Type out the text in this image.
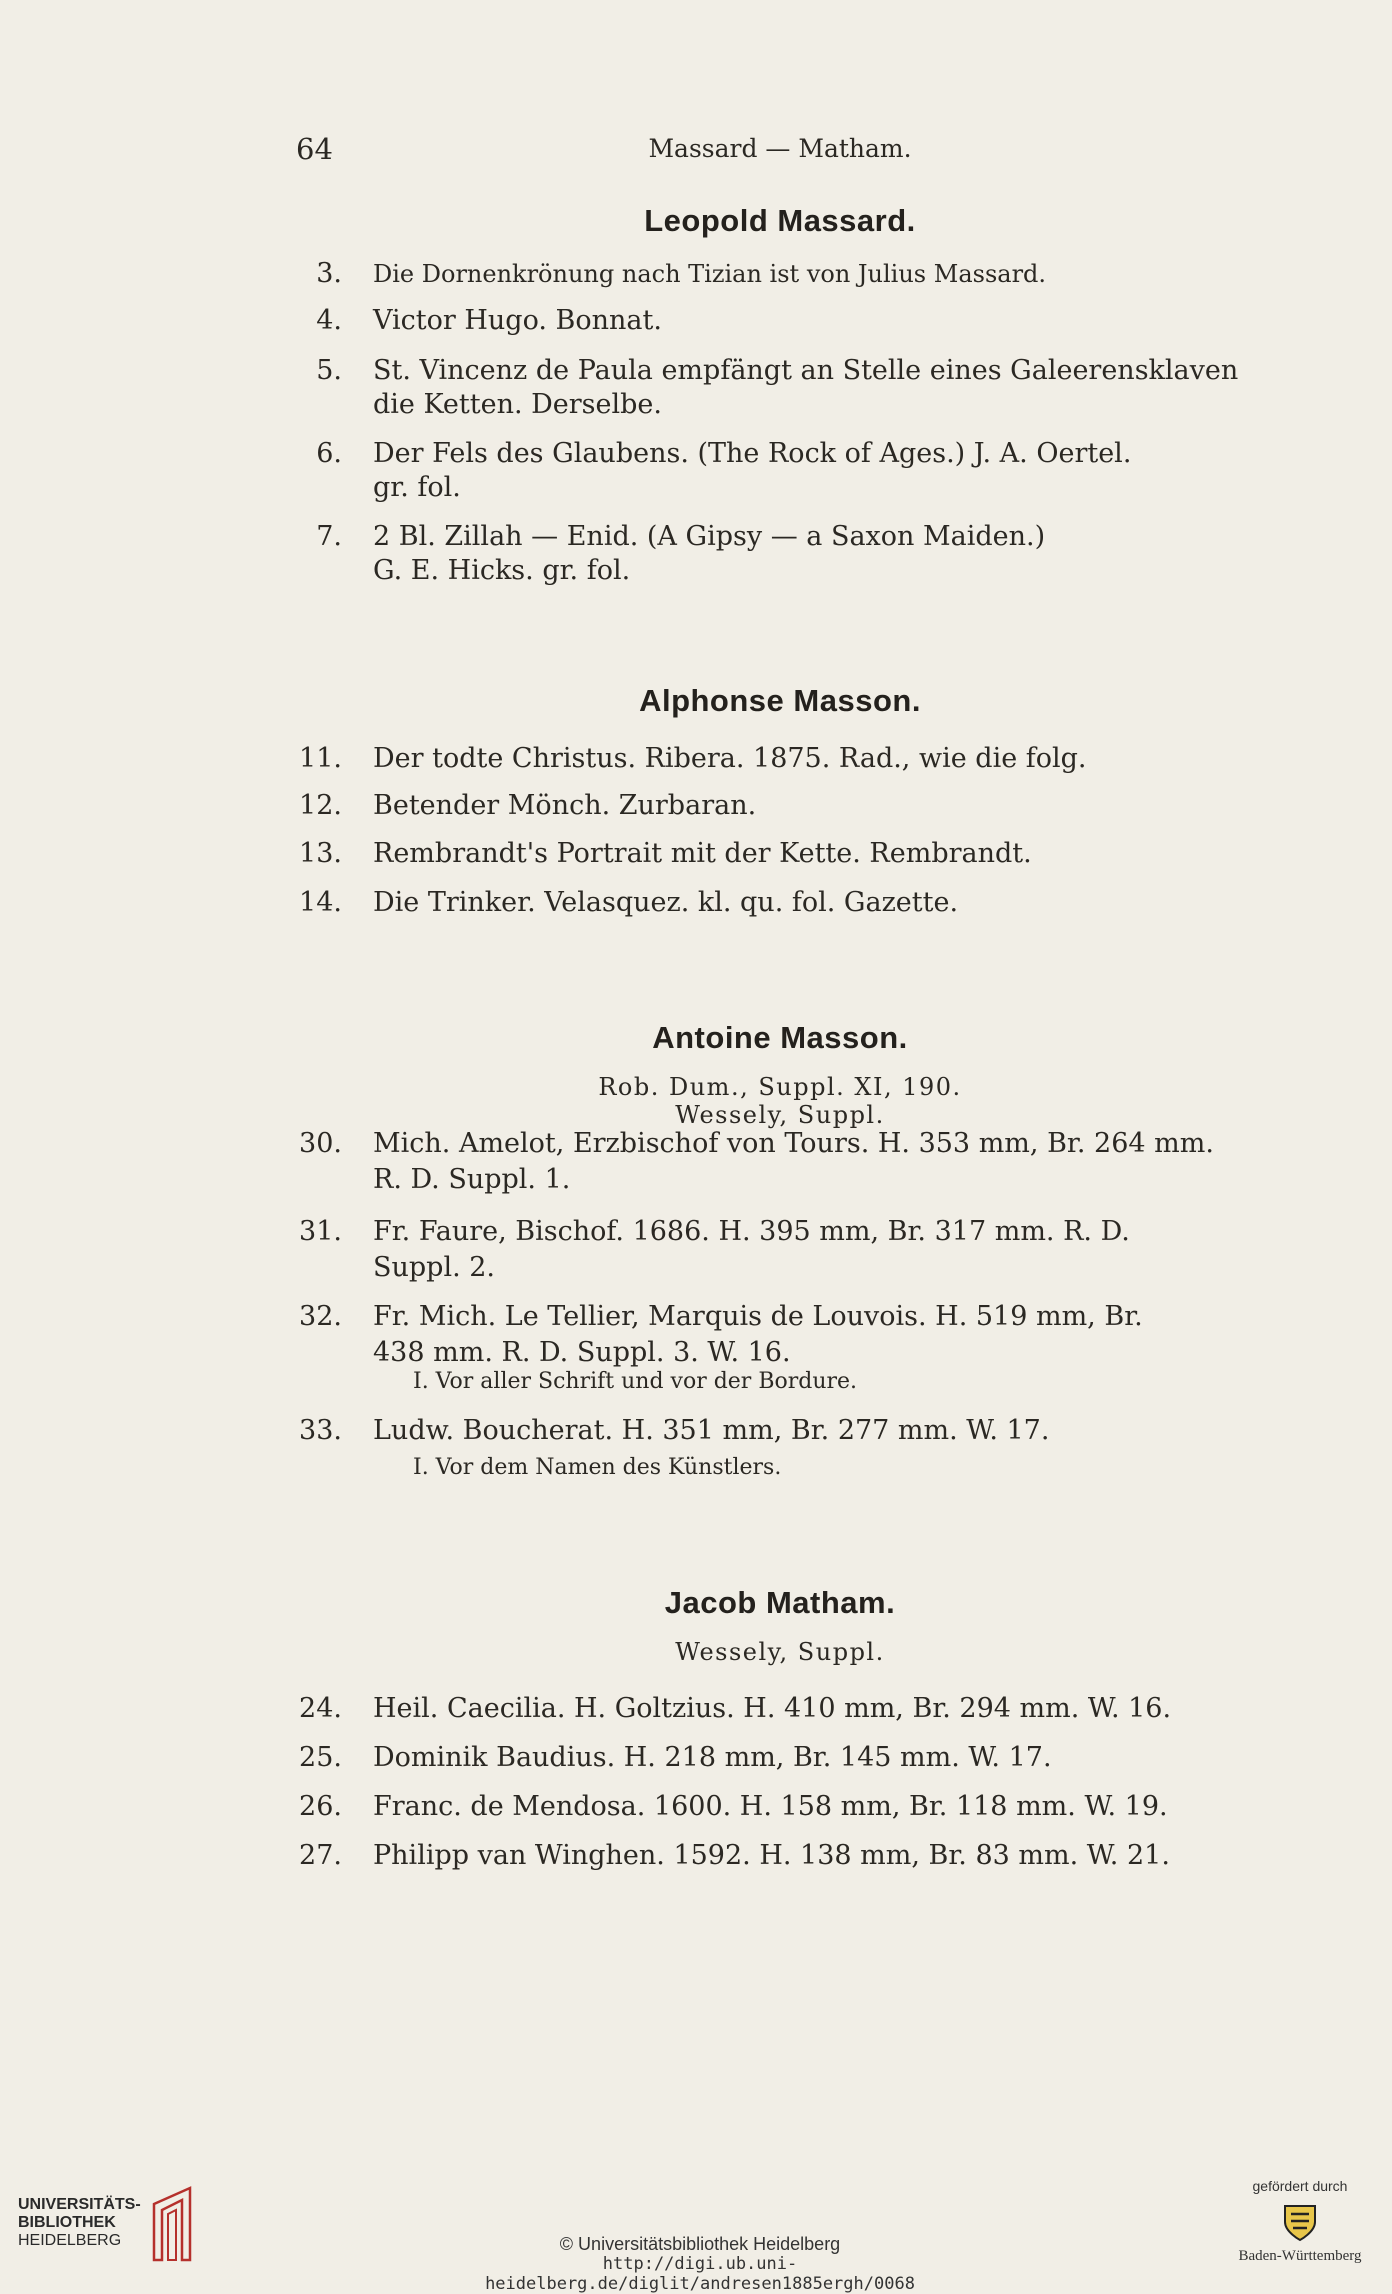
64	Massard — Matham.
Leopold Massard.
3. Die Dornenkrönung nach Tizian ist von Julius Massard.
4. Victor Hugo. Bonnat.
5. St. Vincenz de Paula empfängt an Stelle eines Galeerensklaven
die Ketten. Derselbe.
6. Der Fels des Glaubens. (The Rock of Ages.) J. A. Oertel.
gr. fol.
7. 2 Bl. Zillah — Enid. (A Gipsy — a Saxon Maiden.)
G. E. Hicks. gr. fol.
Alphonse Masson.
11. Der todte Christus. Ribera. 1875. Rad., wie die folg.
12. Betender Mönch. Zurbaran.
13. Rembrandt's Portrait mit der Kette. Rembrandt.
14. Die Trinker. Velasquez. kl. qu. fol. Gazette.
Antoine Masson.
Rob. Dum., Suppl. XI, 190. Wessely, Suppl.
30. Mich. Amelot, Erzbischof von Tours. H. 353 mm, Br. 264 mm.
R. D. Suppl. 1.
31. Fr. Faure, Bischof. 1686. H. 395 mm, Br. 317 mm. R. D.
Suppl. 2.
32. Fr. Mich. Le Tellier, Marquis de Louvois. H. 519 mm, Br.
438 mm. R. D. Suppl. 3. W. 16.
I. Vor aller Schrift und vor der Bordure.
33. Ludw. Boucherat. H. 351 mm, Br. 277 mm. W. 17.
I. Vor dem Namen des Künstlers.
Jacob Matham.
Wessely, Suppl.
24. Heil. Caecilia. H. Goltzius. H. 410 mm, Br. 294 mm. W. 16.
25. Dominik Baudius. H. 218 mm, Br. 145 mm. W. 17.
26. Franc. de Mendosa. 1600. H. 158 mm, Br. 118 mm. W. 19.
27. Philipp van Winghen. 1592. H. 138 mm, Br. 83 mm. W. 21.
UNIVERSITÄTS-
BIBLIOTHEK
HEIDELBERG	© Universitätsbibliothek Heidelberg
http://digi.ub.uni-heidelberg.de/diglit/andresen1885ergh/0068
gefördert durch
Baden-Württemberg
